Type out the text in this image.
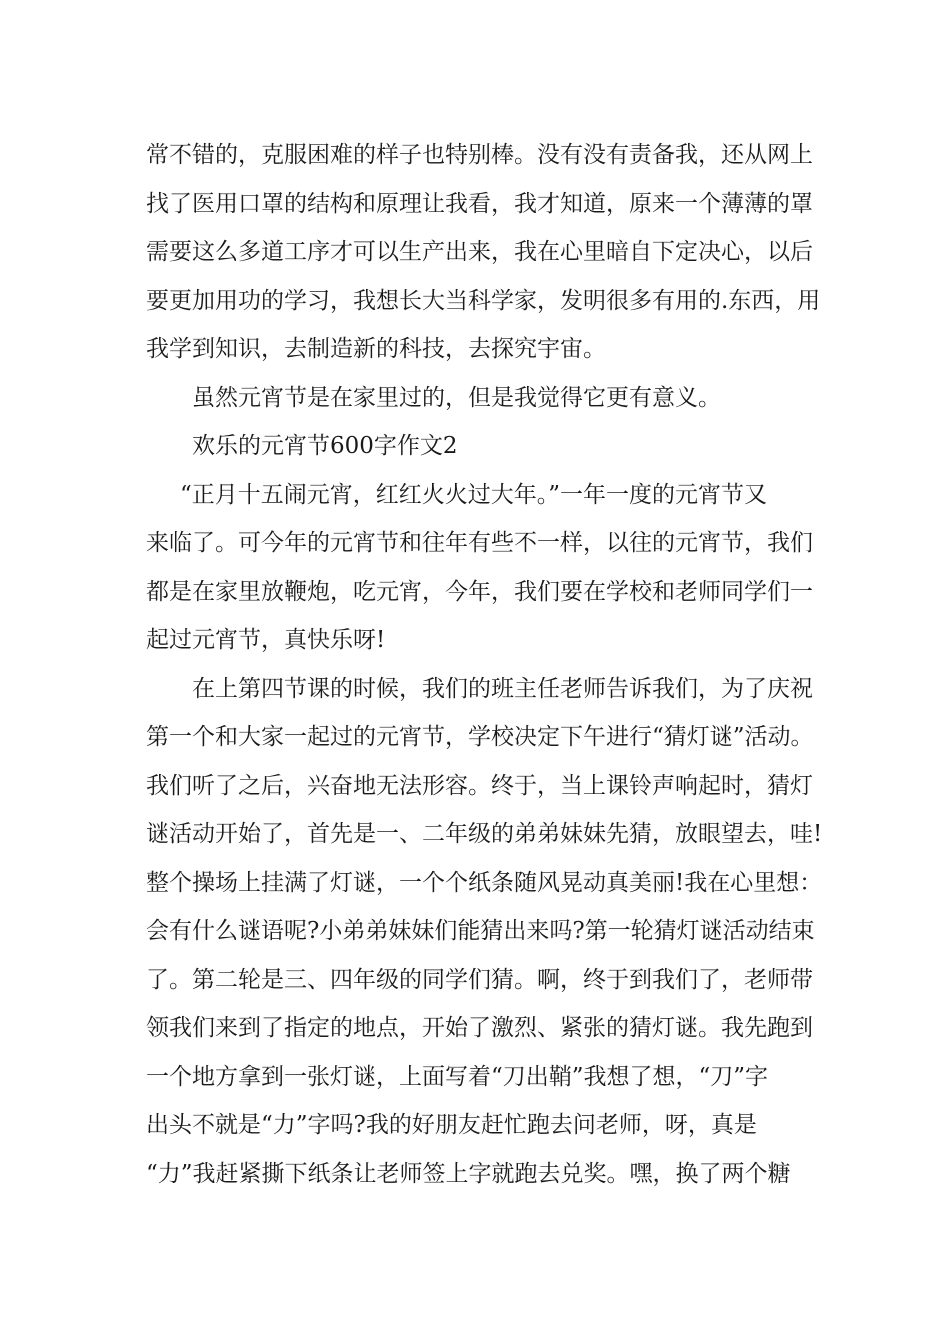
常不错的，克服困难的样子也特别棒。没有没有责备我，还从网上
找了医用口罩的结构和原理让我看，我才知道，原来一个薄薄的罩
需要这么多道工序才可以生产出来，我在心里暗自下定决心，以后
要更加用功的学习，我想长大当科学家，发明很多有用的.东西，用
我学到知识，去制造新的科技，去探究宇宙。

虽然元宵节是在家里过的，但是我觉得它更有意义。

欢乐的元宵节600字作文2

“正月十五闹元宵，红红火火过大年。”一年一度的元宵节又
来临了。可今年的元宵节和往年有些不一样，以往的元宵节，我们
都是在家里放鞭炮，吃元宵，今年，我们要在学校和老师同学们一
起过元宵节，真快乐呀!

在上第四节课的时候，我们的班主任老师告诉我们，为了庆祝
第一个和大家一起过的元宵节，学校决定下午进行“猜灯谜”活动。
我们听了之后，兴奋地无法形容。终于，当上课铃声响起时，猜灯
谜活动开始了，首先是一、二年级的弟弟妹妹先猜，放眼望去，哇!
整个操场上挂满了灯谜，一个个纸条随风晃动真美丽!我在心里想：
会有什么谜语呢?小弟弟妹妹们能猜出来吗?第一轮猜灯谜活动结束
了。第二轮是三、四年级的同学们猜。啊，终于到我们了，老师带
领我们来到了指定的地点，开始了激烈、紧张的猜灯谜。我先跑到
一个地方拿到一张灯谜，上面写着“刀出鞘”我想了想，“刀”字
出头不就是“力”字吗?我的好朋友赶忙跑去问老师，呀，真是
“力”我赶紧撕下纸条让老师签上字就跑去兑奖。嘿，换了两个糖
